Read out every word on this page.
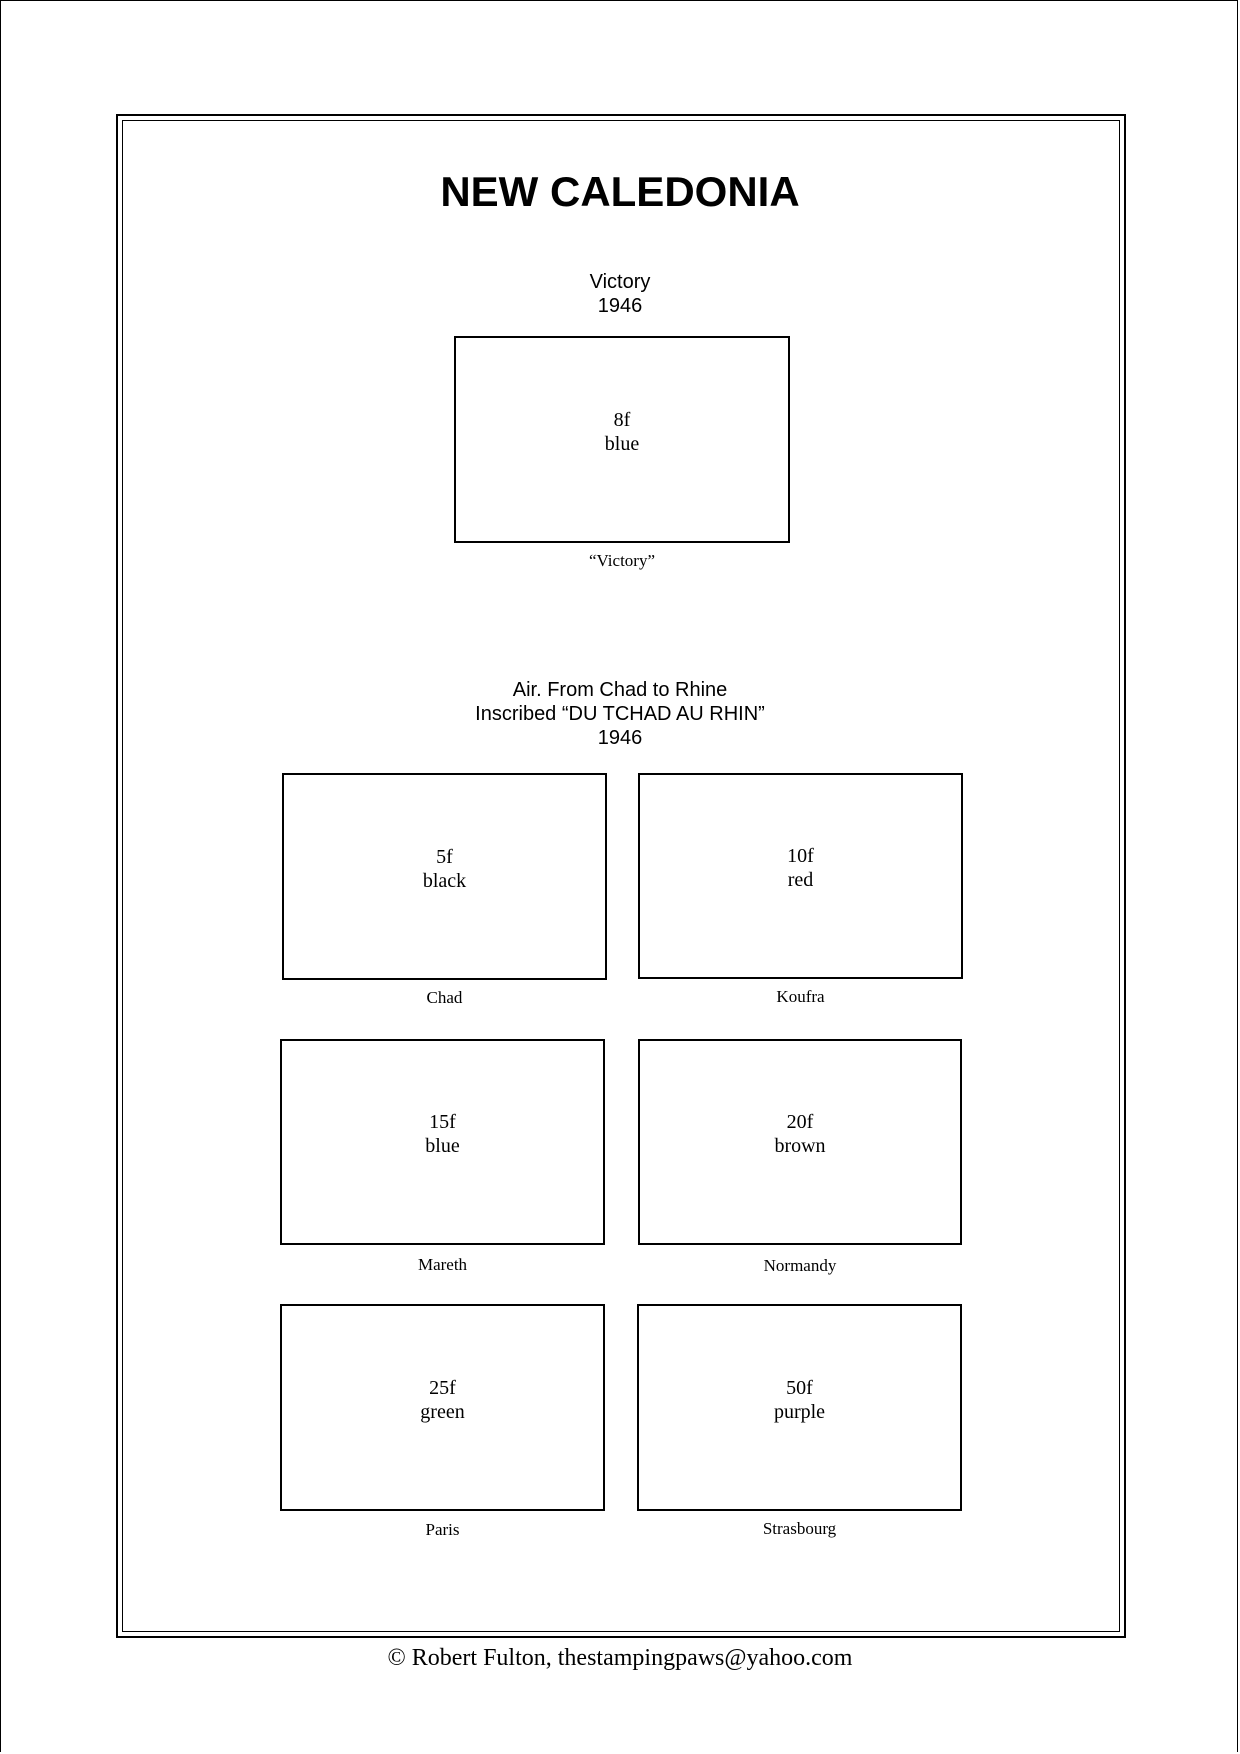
NEW CALEDONIA
Victory
1946
8f
blue
“Victory”
Air. From Chad to Rhine
Inscribed “DU TCHAD AU RHIN”
1946
5f
black
Chad
10f
red
Koufra
15f
blue
Mareth
20f
brown
Normandy
25f
green
Paris
50f
purple
Strasbourg
© Robert Fulton, thestampingpaws@yahoo.com
